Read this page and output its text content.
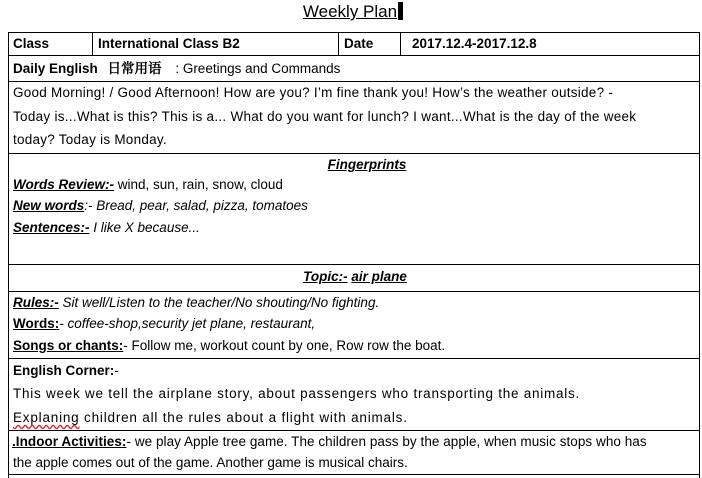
Weekly Plan
Class	International Class B2	Date	2017.12.4-2017.12.8
Daily English 日常用语 : Greetings and Commands
Good Morning! / Good Afternoon! How are you? I’m fine thank you! How’s the weather outside? -
Today is...What is this? This is a... What do you want for lunch? I want...What is the day of the week
today? Today is Monday.
Fingerprints
Words Review:- wind, sun, rain, snow, cloud
New words:- Bread, pear, salad, pizza, tomatoes
Sentences:- I like X because...
Topic:- air plane
Rules:- Sit well/Listen to the teacher/No shouting/No fighting.
Words:- coffee-shop,security jet plane, restaurant,
Songs or chants:- Follow me, workout count by one, Row row the boat.
English Corner:-
This week we tell the airplane story, about passengers who transporting the animals.
Explaning children all the rules about a flight with animals.
.Indoor Activities:- we play Apple tree game. The children pass by the apple, when music stops who has
the apple comes out of the game. Another game is musical chairs.
